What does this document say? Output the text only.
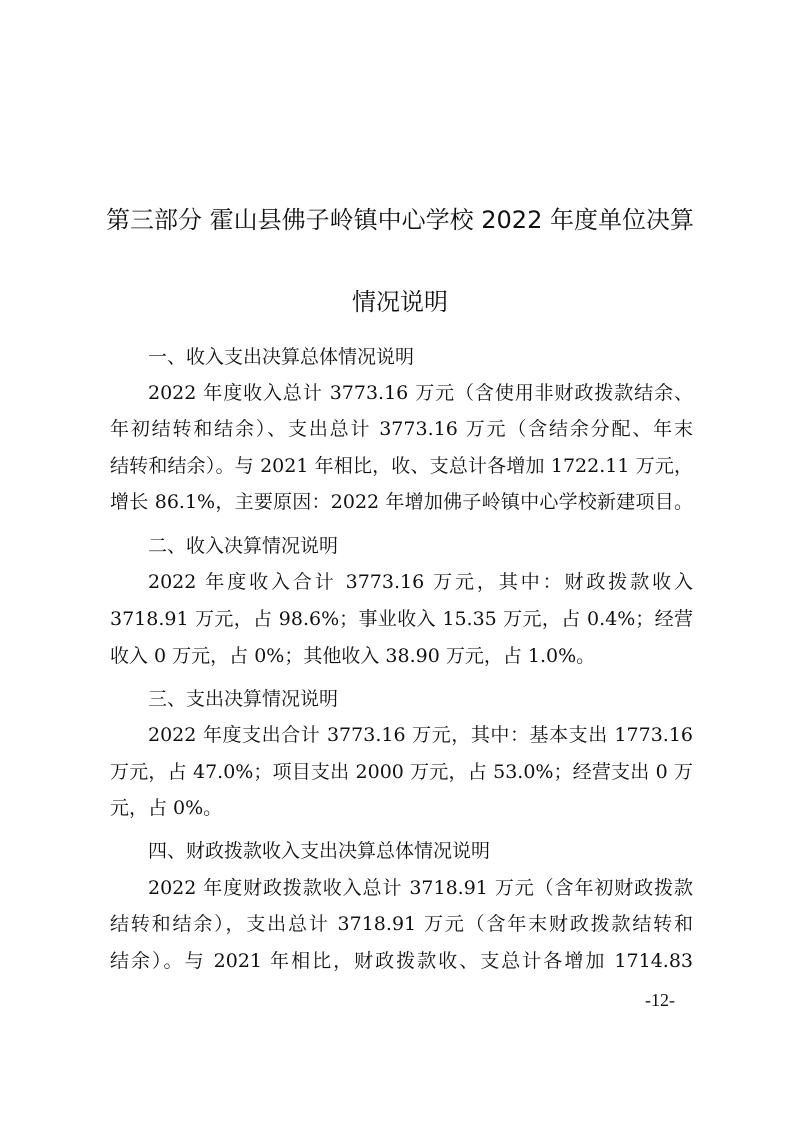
第三部分 霍山县佛子岭镇中心学校 2022 年度单位决算
情况说明
一、收入支出决算总体情况说明
2022 年度收入总计 3773.16 万元（含使用非财政拨款结余、
年初结转和结余）、支出总计 3773.16 万元（含结余分配、年末
结转和结余）。与 2021 年相比，收、支总计各增加 1722.11 万元，
增长 86.1%，主要原因：2022 年增加佛子岭镇中心学校新建项目。
二、收入决算情况说明
2022 年度收入合计 3773.16 万元，其中：财政拨款收入
3718.91 万元，占 98.6%；事业收入 15.35 万元，占 0.4%；经营
收入 0 万元，占 0%；其他收入 38.90 万元，占 1.0%。
三、支出决算情况说明
2022 年度支出合计 3773.16 万元，其中：基本支出 1773.16
万元，占 47.0%；项目支出 2000 万元，占 53.0%；经营支出 0 万
元，占 0%。
四、财政拨款收入支出决算总体情况说明
2022 年度财政拨款收入总计 3718.91 万元（含年初财政拨款
结转和结余），支出总计 3718.91 万元（含年末财政拨款结转和
结余）。与 2021 年相比，财政拨款收、支总计各增加 1714.83
-12-
